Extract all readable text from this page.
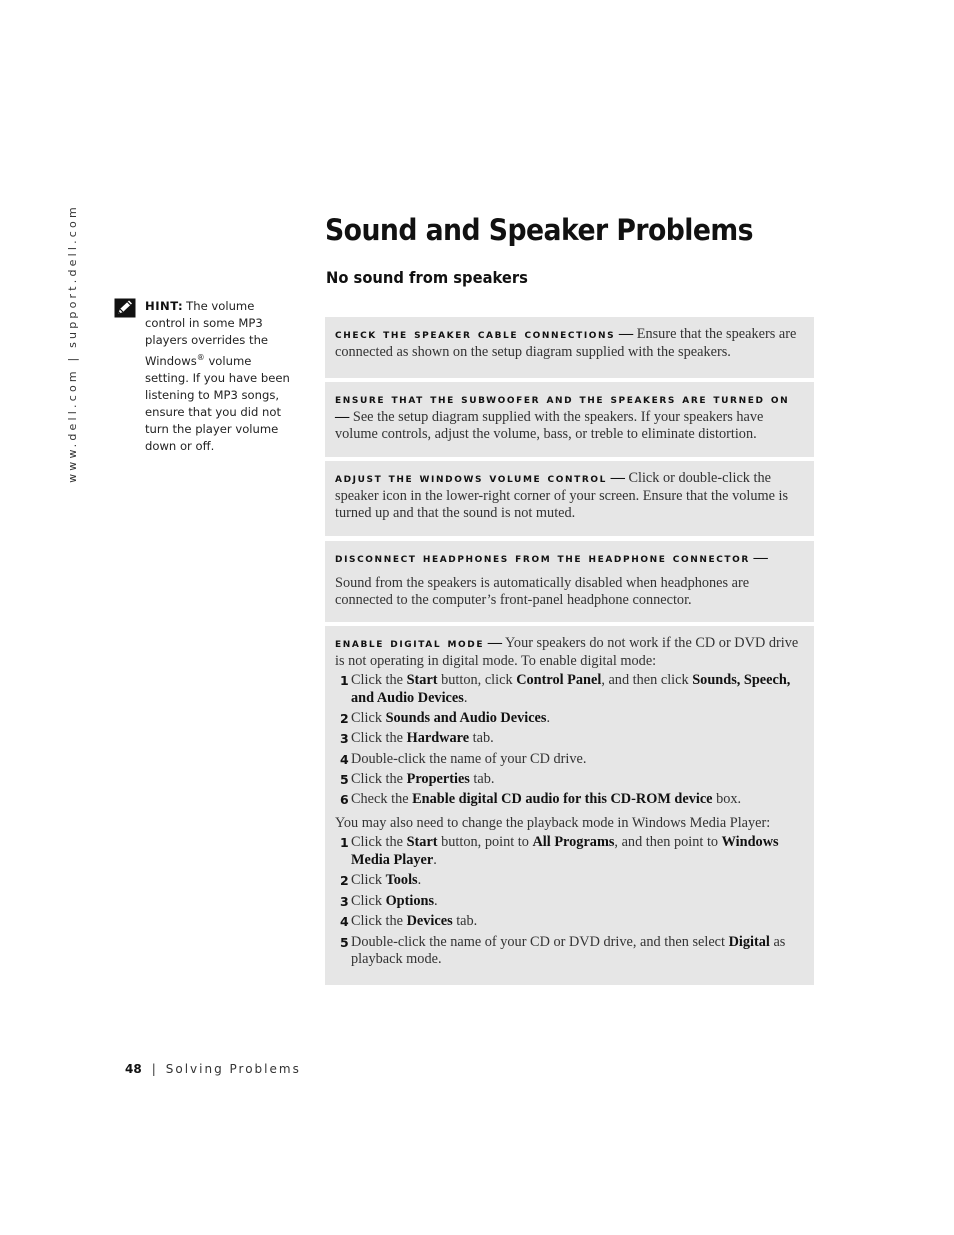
www.dell.com | support.dell.com	Sound and Speaker Problems
No sound from speakers
HINT: The volume control in some MP3 players overrides the Windows® volume setting. If you have been listening to MP3 songs, ensure that you did not turn the player volume down or off.

check the speaker cable connections — Ensure that the speakers are connected as shown on the setup diagram supplied with the speakers.

ensure that the subwoofer and the speakers are turned on — See the setup diagram supplied with the speakers. If your speakers have volume controls, adjust the volume, bass, or treble to eliminate distortion.

adjust the windows volume control — Click or double-click the speaker icon in the lower-right corner of your screen. Ensure that the volume is turned up and that the sound is not muted.

disconnect headphones from the headphone connector —

Sound from the speakers is automatically disabled when headphones are connected to the computer’s front-panel headphone connector.

enable digital mode — Your speakers do not work if the CD or DVD drive is not operating in digital mode. To enable digital mode:

1 Click the Start button, click Control Panel, and then click Sounds, Speech, and Audio Devices.
2 Click Sounds and Audio Devices.
3 Click the Hardware tab.
4 Double-click the name of your CD drive.
5 Click the Properties tab.
6 Check the Enable digital CD audio for this CD-ROM device box.

You may also need to change the playback mode in Windows Media Player:

1 Click the Start button, point to All Programs, and then point to Windows Media Player.
2 Click Tools.
3 Click Options.
4 Click the Devices tab.
5 Double-click the name of your CD or DVD drive, and then select Digital as playback mode.
48 | Solving Problems
